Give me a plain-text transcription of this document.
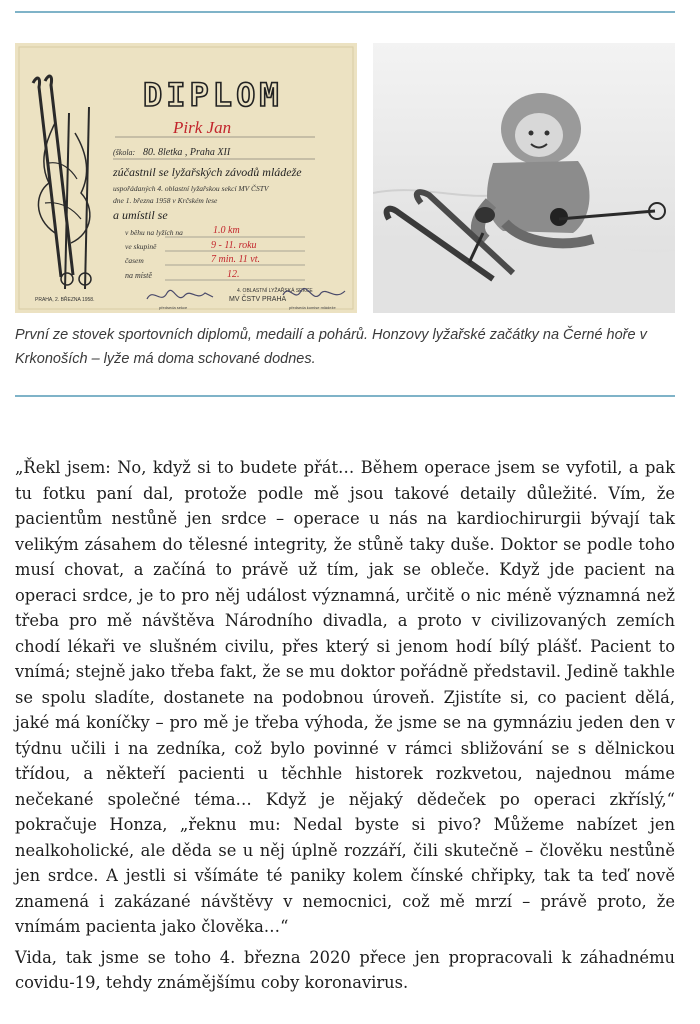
DIPLOM
Pirk Jan
(škola: 80. 8letka , Praha XII
zúčastnil se lyžařských závodů mládeže
uspořádaných 4. oblastní lyžařskou sekcí MV ČSTV
dne 1. března 1958 v Krčském lese
a umístil se
v běhu na lyžích na	1.0 km
ve skupině	9 - 11. roku
časem	7 min. 11 vt.
na místě	12.
PRAHA, 2. BŘEZNA 1958.
4. OBLASTNÍ LYŽAŘSKÁ SEKCE
MV ČSTV PRAHA
předseda sekce	předseda komise mládeže

První ze stovek sportovních diplomů, medailí a pohárů. Honzovy lyžařské začátky na Černé hoře v Krkonoších – lyže má doma schované dodnes.

„Řekl jsem: No, když si to budete přát… Během operace jsem se vyfotil, a pak tu fotku paní dal, protože podle mě jsou takové detaily důležité. Vím, že pacientům nestůně jen srdce – operace u nás na kardiochirurgii bývají tak velikým zásahem do tělesné integrity, že stůně taky duše. Doktor se podle toho musí chovat, a začíná to právě už tím, jak se obleče. Když jde pacient na operaci srdce, je to pro něj událost významná, určitě o nic méně významná než třeba pro mě návštěva Národního divadla, a proto v civilizovaných zemích chodí lékaři ve slušném civilu, přes který si jenom hodí bílý plášť. Pacient to vnímá; stejně jako třeba fakt, že se mu doktor pořádně představil. Jedině takhle se spolu sladíte, dostanete na podobnou úroveň. Zjistíte si, co pacient dělá, jaké má koníčky – pro mě je třeba výhoda, že jsme se na gymnáziu jeden den v týdnu učili i na zedníka, což bylo povinné v rámci sbližování se s dělnickou třídou, a někteří pacienti u těchhle historek rozkvetou, najednou máme nečekané společné téma… Když je nějaký dědeček po operaci zkříslý,“ pokračuje Honza, „řeknu mu: Nedal byste si pivo? Můžeme nabízet jen nealkoholické, ale děda se u něj úplně rozzáří, čili skutečně – člověku nestůně jen srdce. A jestli si všímáte té paniky kolem čínské chřipky, tak ta teď nově znamená i zakázané návštěvy v nemocnici, což mě mrzí – právě proto, že vnímám pacienta jako člověka…“

Vida, tak jsme se toho 4. března 2020 přece jen propracovali k záhadnému covidu-19, tehdy známějšímu coby koronavirus.
